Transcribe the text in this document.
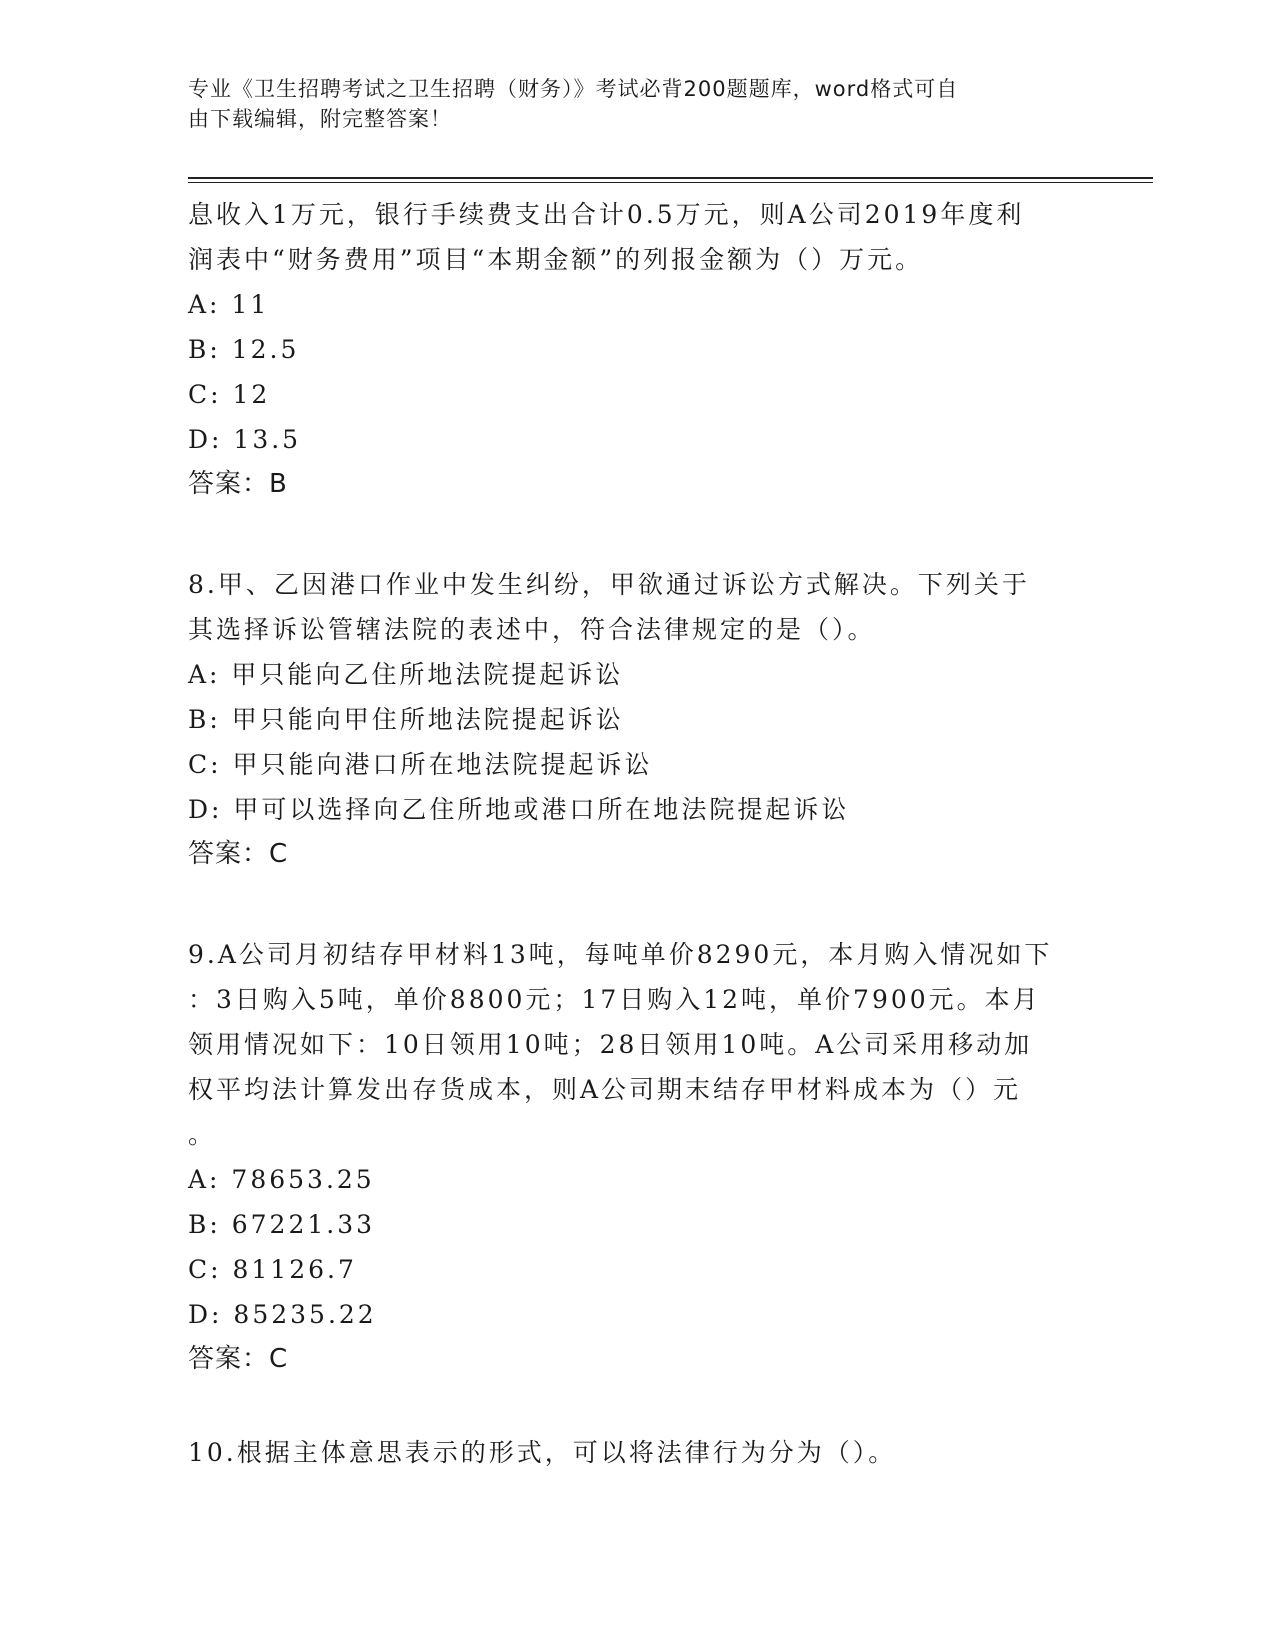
专业《卫生招聘考试之卫生招聘（财务）》考试必背200题题库，word格式可自
由下载编辑，附完整答案！
息收入1万元，银行手续费支出合计0.5万元，则A公司2019年度利
润表中“财务费用”项目“本期金额”的列报金额为（）万元。
A: 11
B: 12.5
C: 12
D: 13.5
答案：B
8.甲、乙因港口作业中发生纠纷，甲欲通过诉讼方式解决。下列关于
其选择诉讼管辖法院的表述中，符合法律规定的是（）。
A: 甲只能向乙住所地法院提起诉讼
B: 甲只能向甲住所地法院提起诉讼
C: 甲只能向港口所在地法院提起诉讼
D: 甲可以选择向乙住所地或港口所在地法院提起诉讼
答案：C
9.A公司月初结存甲材料13吨，每吨单价8290元，本月购入情况如下
：3日购入5吨，单价8800元；17日购入12吨，单价7900元。本月
领用情况如下：10日领用10吨；28日领用10吨。A公司采用移动加
权平均法计算发出存货成本，则A公司期末结存甲材料成本为（）元
。
A: 78653.25
B: 67221.33
C: 81126.7
D: 85235.22
答案：C
10.根据主体意思表示的形式，可以将法律行为分为（）。
